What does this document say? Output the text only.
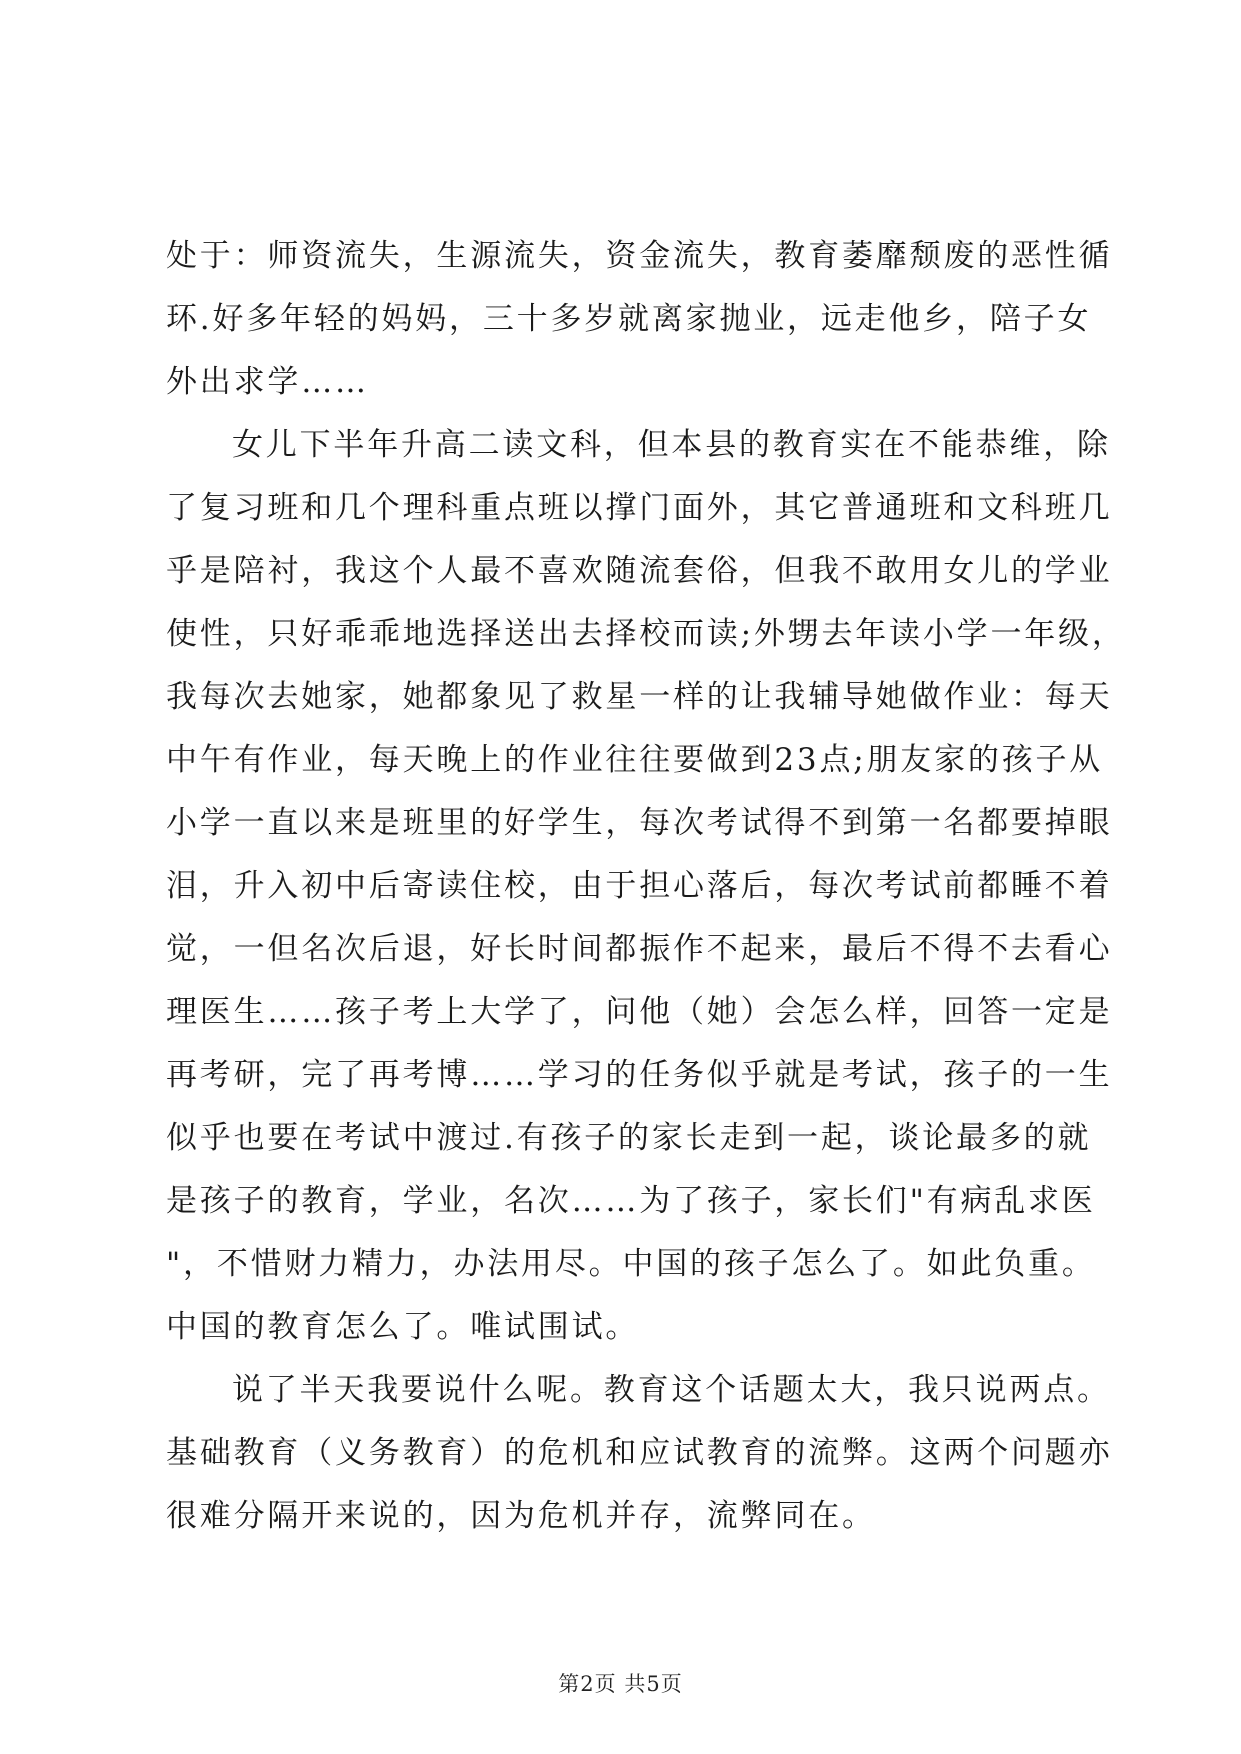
处于：师资流失，生源流失，资金流失，教育萎靡颓废的恶性循
环.好多年轻的妈妈，三十多岁就离家抛业，远走他乡，陪子女
外出求学……
女儿下半年升高二读文科，但本县的教育实在不能恭维，除
了复习班和几个理科重点班以撑门面外，其它普通班和文科班几
乎是陪衬，我这个人最不喜欢随流套俗，但我不敢用女儿的学业
使性，只好乖乖地选择送出去择校而读;外甥去年读小学一年级，
我每次去她家，她都象见了救星一样的让我辅导她做作业：每天
中午有作业，每天晚上的作业往往要做到23点;朋友家的孩子从
小学一直以来是班里的好学生，每次考试得不到第一名都要掉眼
泪，升入初中后寄读住校，由于担心落后，每次考试前都睡不着
觉，一但名次后退，好长时间都振作不起来，最后不得不去看心
理医生……孩子考上大学了，问他（她）会怎么样，回答一定是
再考研，完了再考博……学习的任务似乎就是考试，孩子的一生
似乎也要在考试中渡过.有孩子的家长走到一起，谈论最多的就
是孩子的教育，学业，名次……为了孩子，家长们"有病乱求医
"，不惜财力精力，办法用尽。中国的孩子怎么了。如此负重。
中国的教育怎么了。唯试围试。
说了半天我要说什么呢。教育这个话题太大，我只说两点。
基础教育（义务教育）的危机和应试教育的流弊。这两个问题亦
很难分隔开来说的，因为危机并存，流弊同在。
第2页 共5页
